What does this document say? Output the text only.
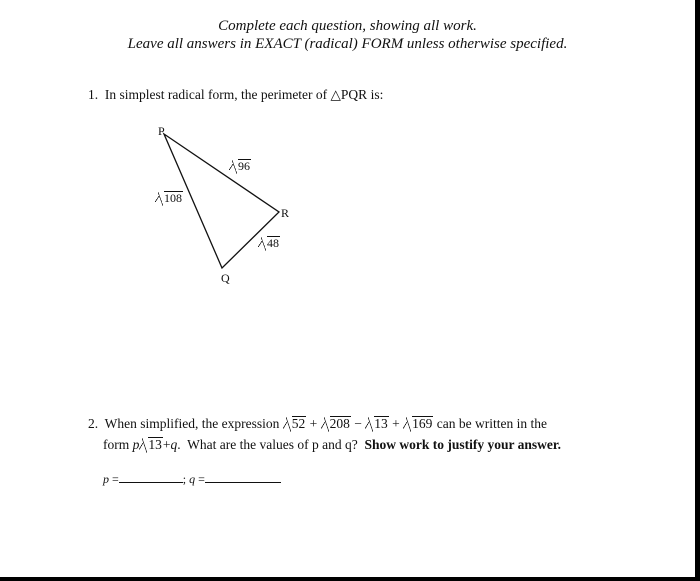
Complete each question, showing all work.
Leave all answers in EXACT (radical) FORM unless otherwise specified.
1. In simplest radical form, the perimeter of △PQR is:
P
R
Q
96
108
48
2. When simplified, the expression 52 + 208 − 13 + 169 can be written in the
form p 13+q. What are the values of p and q? Show work to justify your answer.
p =	; q =
